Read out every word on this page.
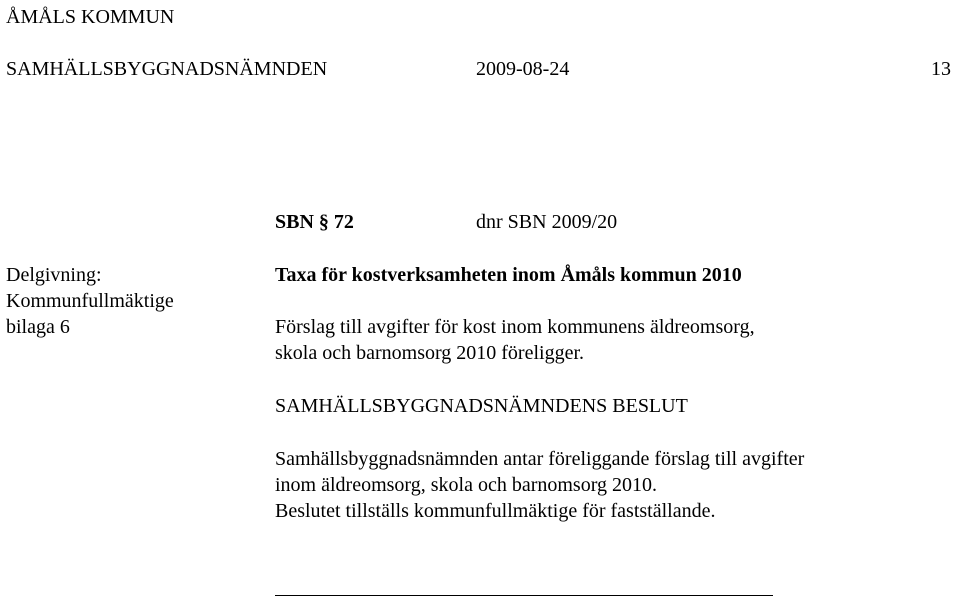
ÅMÅLS KOMMUN
SAMHÄLLSBYGGNADSNÄMNDEN	2009-08-24	13
SBN § 72	dnr SBN 2009/20
Delgivning:
Kommunfullmäktige
bilaga 6
Taxa för kostverksamheten inom Åmåls kommun 2010
Förslag till avgifter för kost inom kommunens äldreomsorg,
skola och barnomsorg 2010 föreligger.
SAMHÄLLSBYGGNADSNÄMNDENS BESLUT
Samhällsbyggnadsnämnden antar föreliggande förslag till avgifter
inom äldreomsorg, skola och barnomsorg 2010.
Beslutet tillställs kommunfullmäktige för fastställande.
